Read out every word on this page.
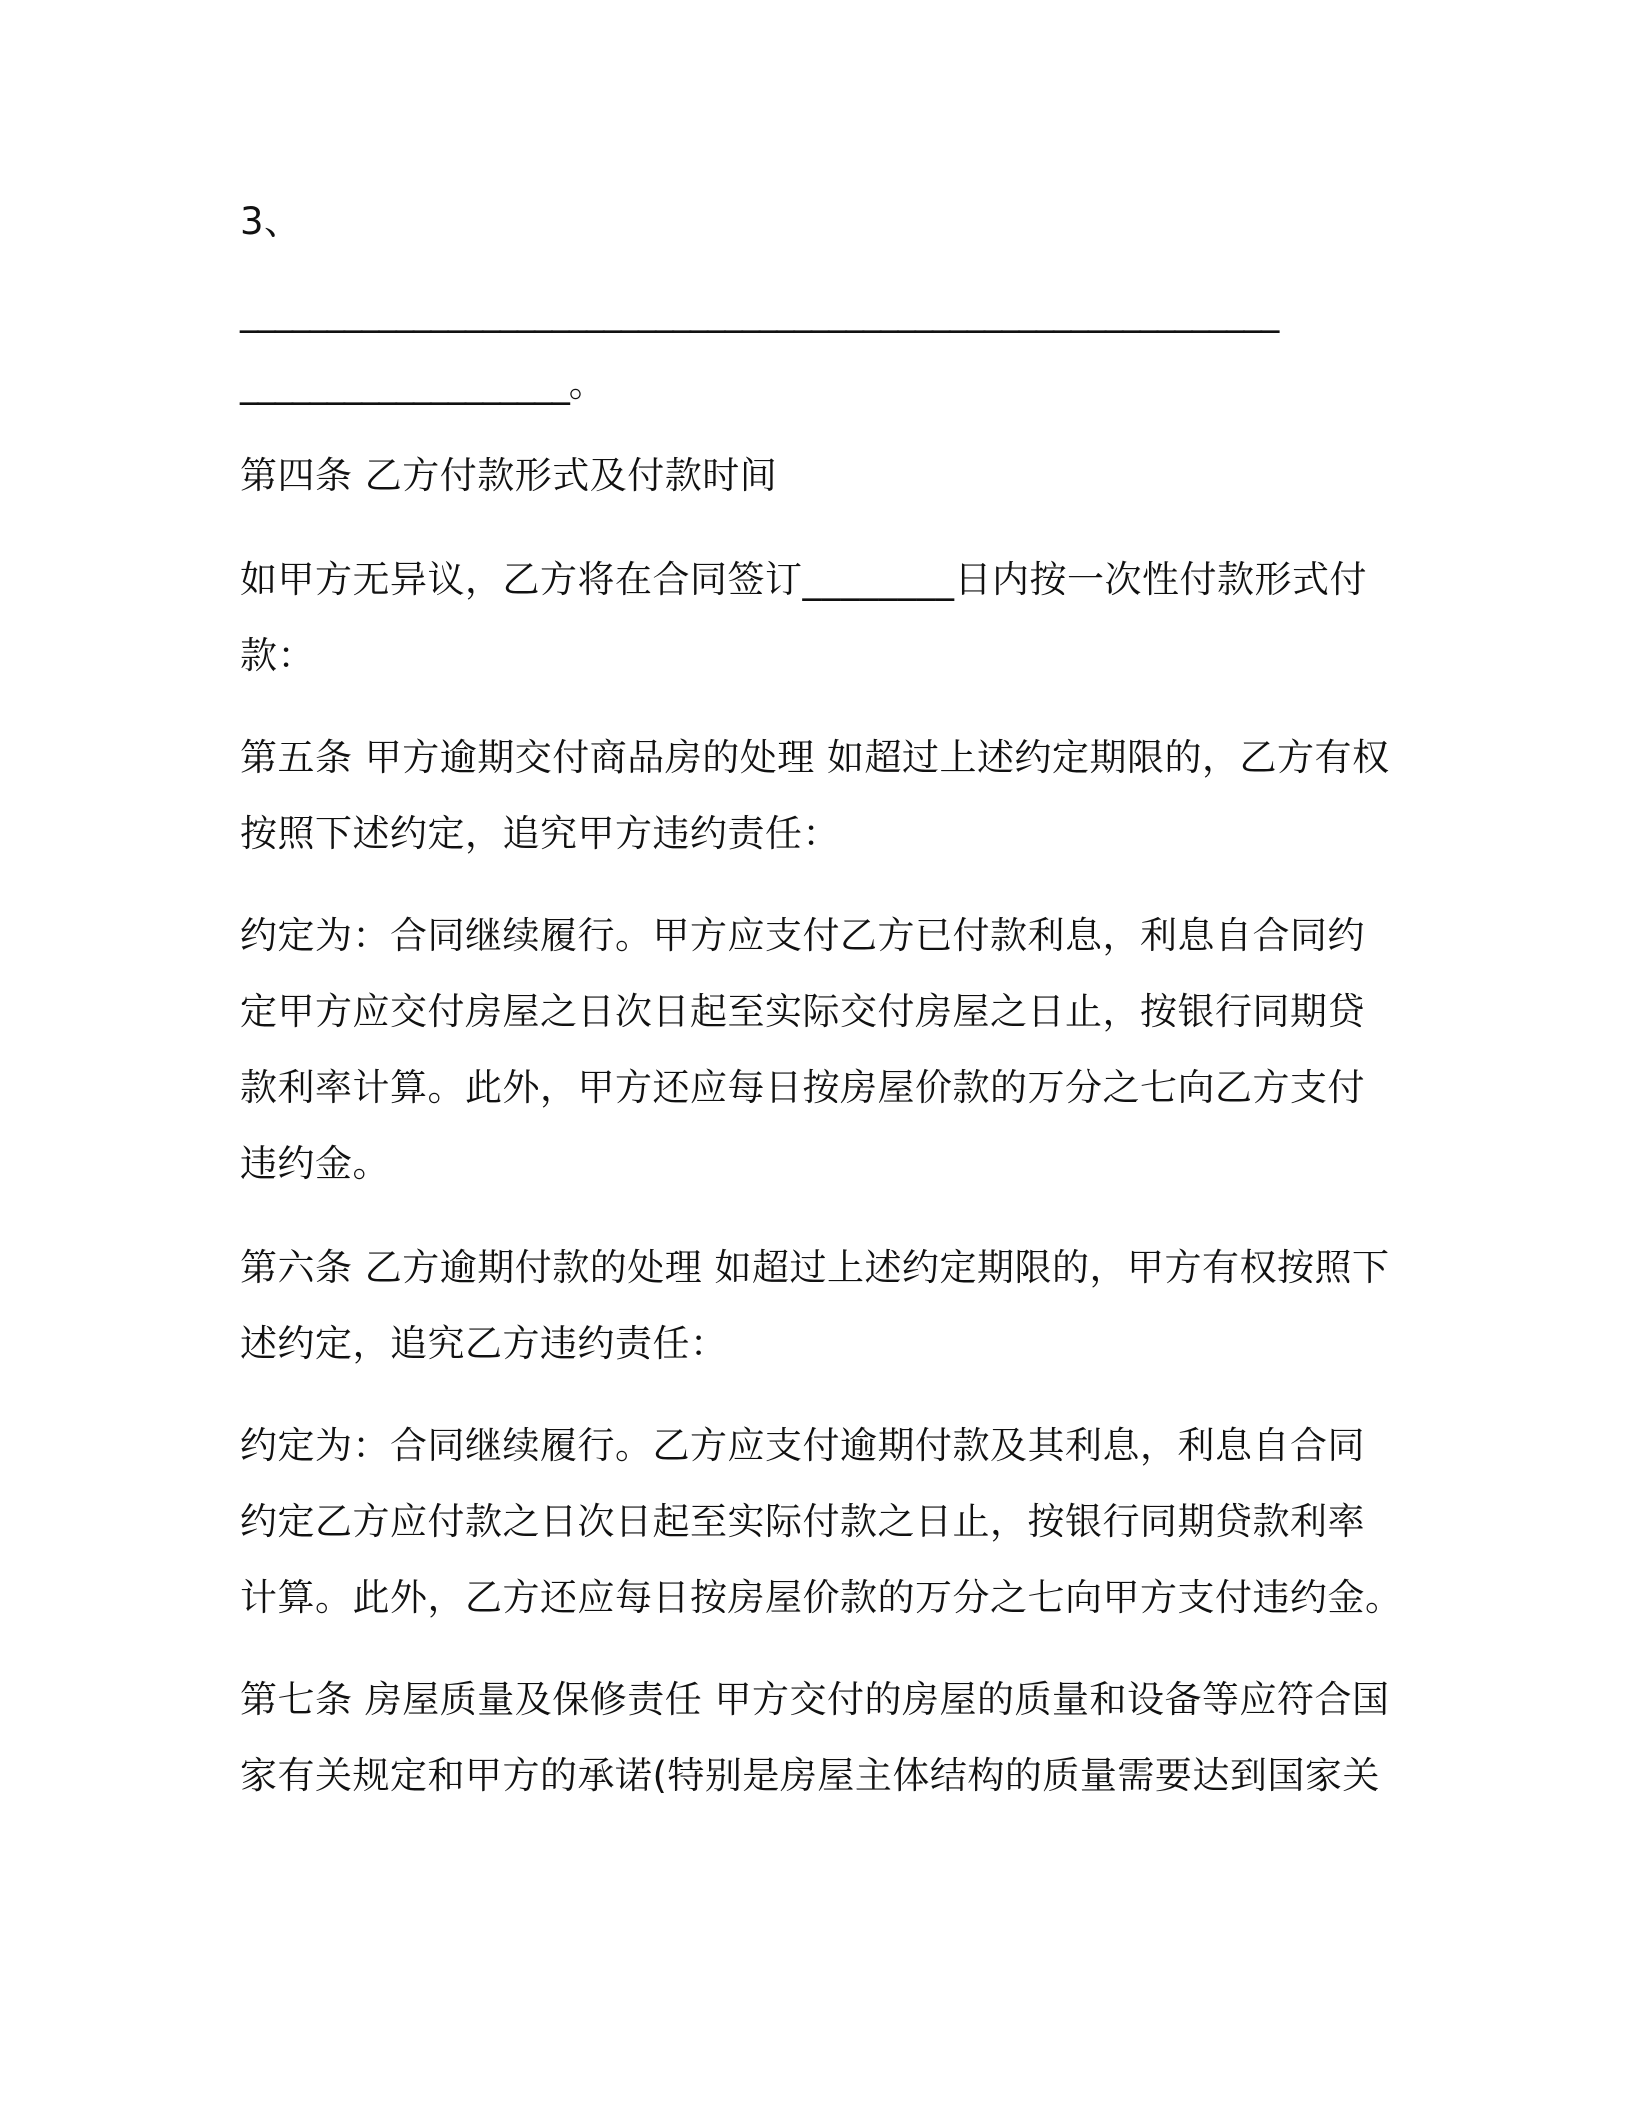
3、
____________________________________________________________
___________________。
第四条 乙方付款形式及付款时间
如甲方无异议，乙方将在合同签订________日内按一次性付款形式付
款：
第五条 甲方逾期交付商品房的处理 如超过上述约定期限的，乙方有权
按照下述约定，追究甲方违约责任：
约定为：合同继续履行。甲方应支付乙方已付款利息，利息自合同约
定甲方应交付房屋之日次日起至实际交付房屋之日止，按银行同期贷
款利率计算。此外，甲方还应每日按房屋价款的万分之七向乙方支付
违约金。
第六条 乙方逾期付款的处理 如超过上述约定期限的，甲方有权按照下
述约定，追究乙方违约责任：
约定为：合同继续履行。乙方应支付逾期付款及其利息，利息自合同
约定乙方应付款之日次日起至实际付款之日止，按银行同期贷款利率
计算。此外，乙方还应每日按房屋价款的万分之七向甲方支付违约金。
第七条 房屋质量及保修责任 甲方交付的房屋的质量和设备等应符合国
家有关规定和甲方的承诺(特别是房屋主体结构的质量需要达到国家关
